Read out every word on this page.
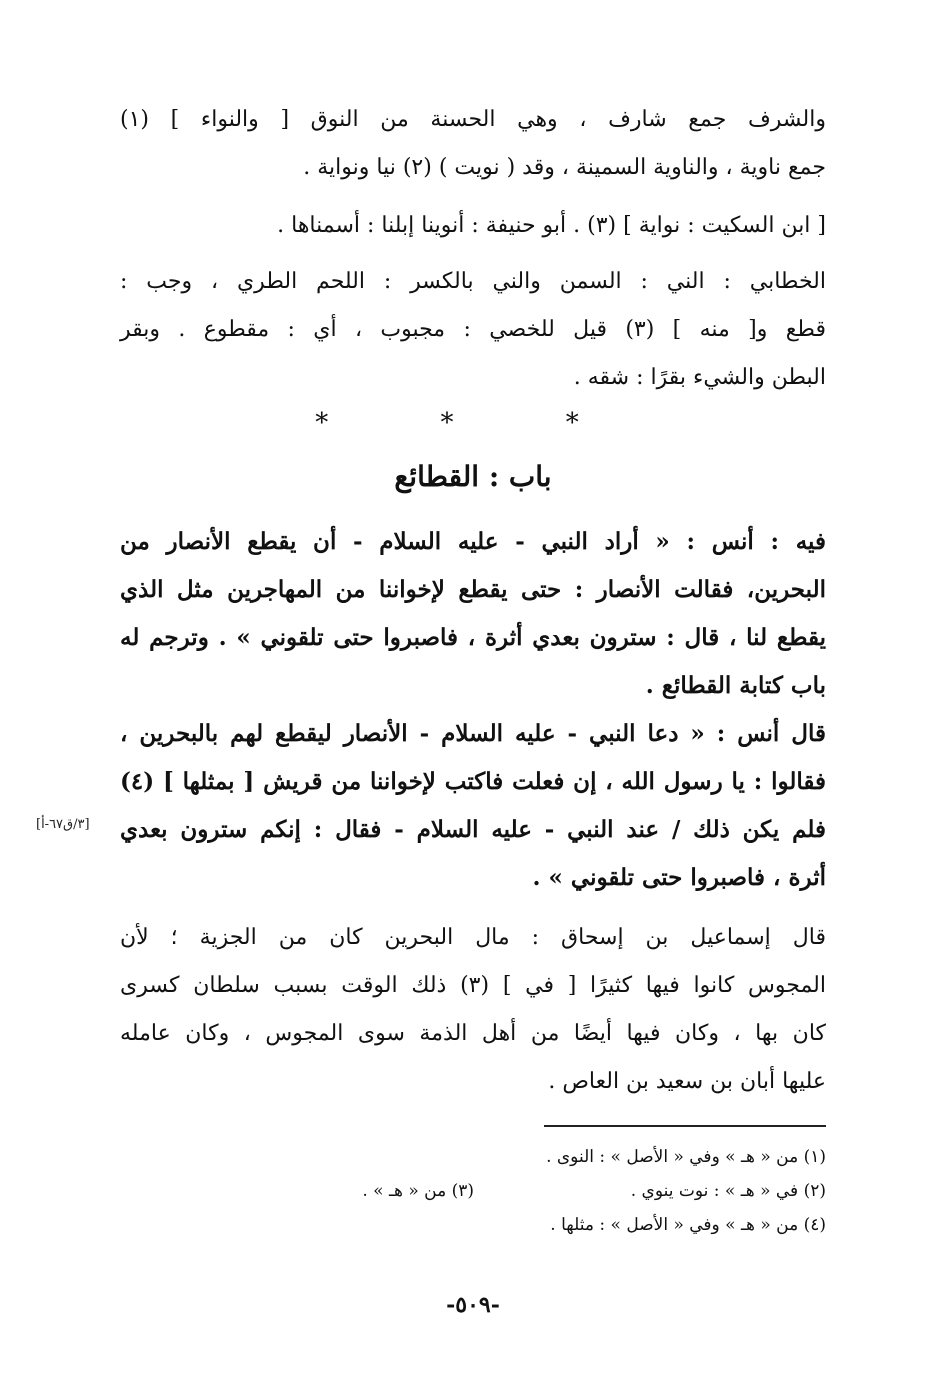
والشرف جمع شارف ، وهي الحسنة من النوق [ والنواء ] (١)
جمع ناوية ، والناوية السمينة ، وقد ( نويت ) (٢) نيا ونواية .
[ ابن السكيت : نواية ] (٣) . أبو حنيفة : أنوينا إبلنا : أسمناها .
الخطابي : الني : السمن والني بالكسر : اللحم الطري ، وجب :
قطع و[ منه ] (٣) قيل للخصي : مجبوب ، أي : مقطوع . وبقر
البطن والشيء بقرًا : شقه .
* * *
باب : القطائع
فيه : أنس : « أراد النبي - عليه السلام - أن يقطع الأنصار من
البحرين، فقالت الأنصار : حتى يقطع لإخواننا من المهاجرين مثل الذي
يقطع لنا ، قال : سترون بعدي أثرة ، فاصبروا حتى تلقوني » . وترجم له
باب كتابة القطائع .
قال أنس : « دعا النبي - عليه السلام - الأنصار ليقطع لهم بالبحرين ،
فقالوا : يا رسول الله ، إن فعلت فاكتب لإخواننا من قريش [ بمثلها ] (٤)
فلم يكن ذلك / عند النبي - عليه السلام - فقال : إنكم سترون بعدي
أثرة ، فاصبروا حتى تلقوني » .
[٣/ق٦٧-أ]
قال إسماعيل بن إسحاق : مال البحرين كان من الجزية ؛ لأن
المجوس كانوا فيها كثيرًا [ في ] (٣) ذلك الوقت بسبب سلطان كسرى
كان بها ، وكان فيها أيضًا من أهل الذمة سوى المجوس ، وكان عامله
عليها أبان بن سعيد بن العاص .
(١) من « هـ » وفي « الأصل » : النوى .
(٢) في « هـ » : نوت ينوي .
(٣) من « هـ » .
(٤) من « هـ » وفي « الأصل » : مثلها .
-٥٠٩-
